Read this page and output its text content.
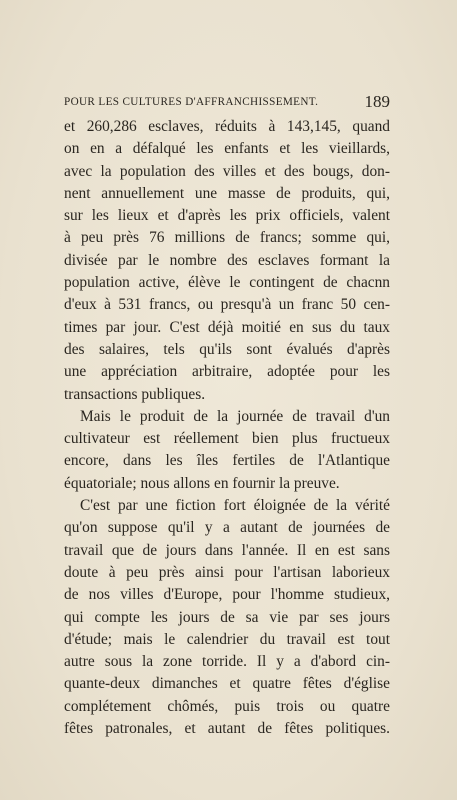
POUR LES CULTURES D'AFFRANCHISSEMENT.	189
et 260,286 esclaves, réduits à 143,145, quand
on en a défalqué les enfants et les vieillards,
avec la population des villes et des bougs, don-
nent annuellement une masse de produits, qui,
sur les lieux et d'après les prix officiels, valent
à peu près 76 millions de francs; somme qui,
divisée par le nombre des esclaves formant la
population active, élève le contingent de chacnn
d'eux à 531 francs, ou presqu'à un franc 50 cen-
times par jour. C'est déjà moitié en sus du taux
des salaires, tels qu'ils sont évalués d'après
une appréciation arbitraire, adoptée pour les
transactions publiques.
Mais le produit de la journée de travail d'un
cultivateur est réellement bien plus fructueux
encore, dans les îles fertiles de l'Atlantique
équatoriale; nous allons en fournir la preuve.
C'est par une fiction fort éloignée de la vérité
qu'on suppose qu'il y a autant de journées de
travail que de jours dans l'année. Il en est sans
doute à peu près ainsi pour l'artisan laborieux
de nos villes d'Europe, pour l'homme studieux,
qui compte les jours de sa vie par ses jours
d'étude; mais le calendrier du travail est tout
autre sous la zone torride. Il y a d'abord cin-
quante-deux dimanches et quatre fêtes d'église
complétement chômés, puis trois ou quatre
fêtes patronales, et autant de fêtes politiques.
